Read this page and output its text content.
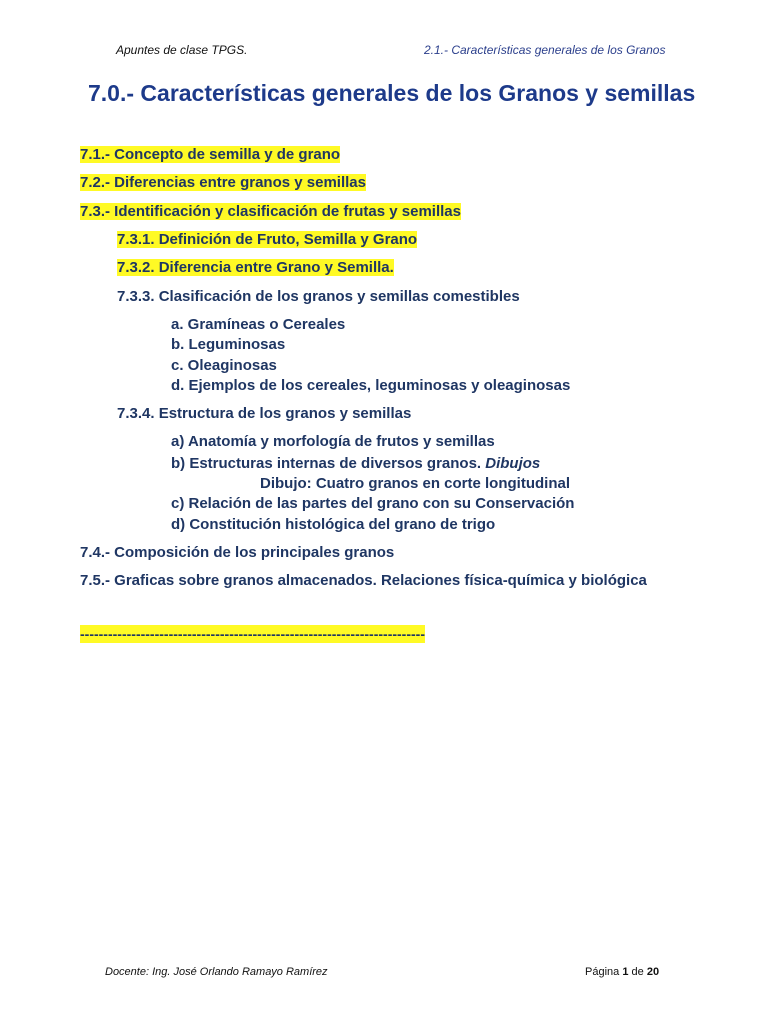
Apuntes de clase TPGS.	2.1.- Características generales de los Granos
7.0.- Características generales de los Granos y semillas

7.1.- Concepto de semilla y de grano

7.2.- Diferencias entre granos y semillas

7.3.- Identificación y clasificación de frutas y semillas

7.3.1. Definición de Fruto, Semilla y Grano

7.3.2. Diferencia entre Grano y Semilla.

7.3.3. Clasificación de los granos y semillas comestibles

a. Gramíneas o Cereales

b. Leguminosas

c. Oleaginosas

d. Ejemplos de los cereales, leguminosas y oleaginosas

7.3.4. Estructura de los granos y semillas

a) Anatomía y morfología de frutos y semillas

b) Estructuras internas de diversos granos. Dibujos

Dibujo: Cuatro granos en corte longitudinal

c) Relación de las partes del grano con su Conservación

d) Constitución histológica del grano de trigo

7.4.- Composición de los principales granos

7.5.- Graficas sobre granos almacenados. Relaciones física-química y biológica

--------------------------------------------------------------------------
Docente: Ing. José Orlando Ramayo Ramírez	Página 1 de 20
